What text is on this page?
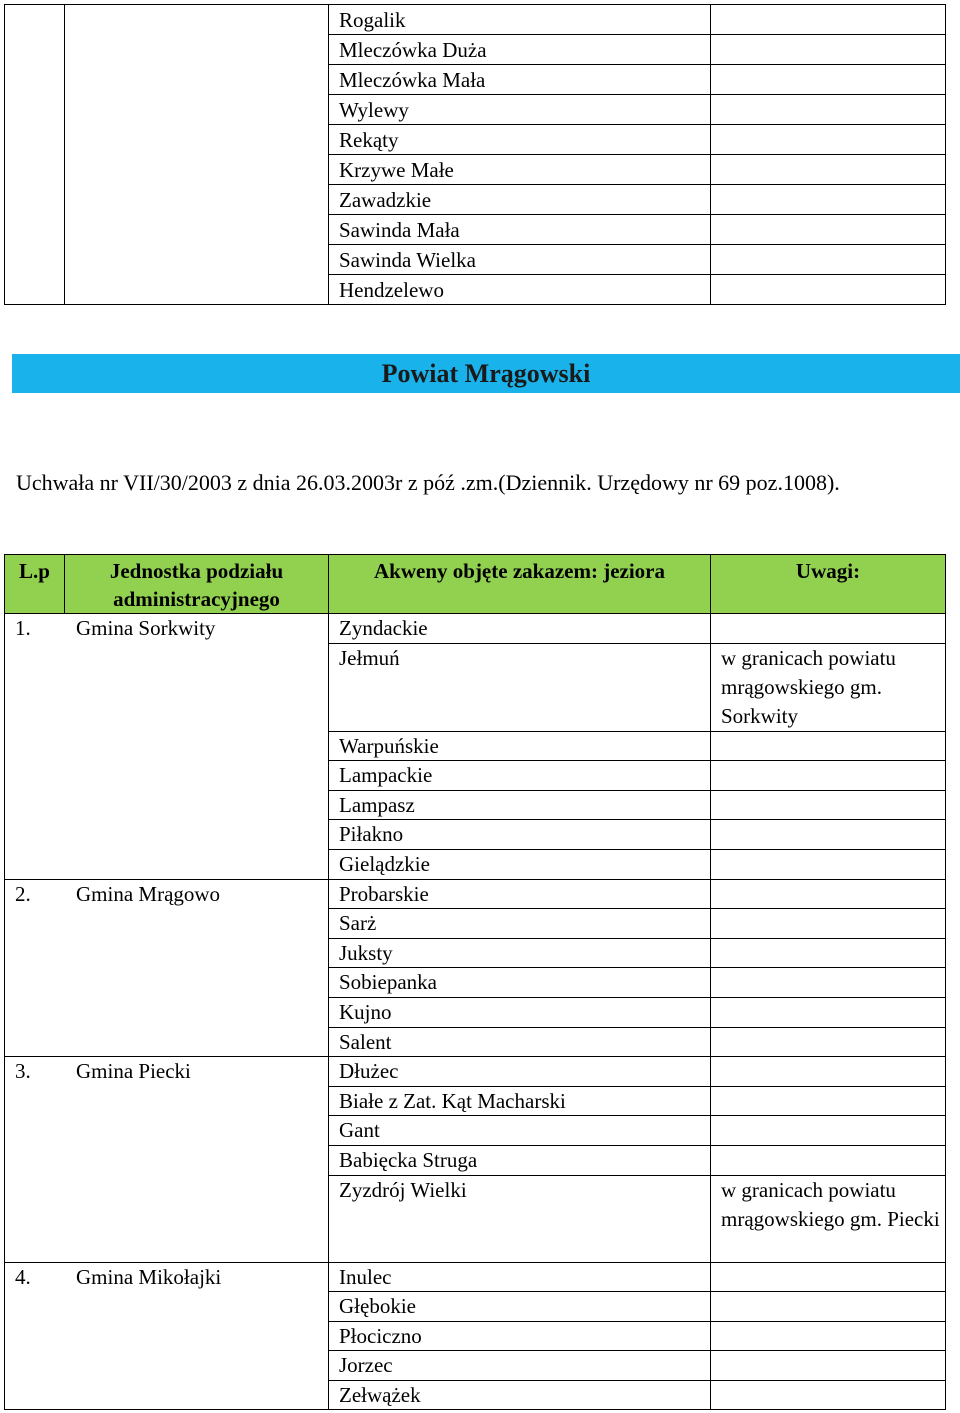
		Rogalik	
		Mleczówka Duża	
		Mleczówka Mała	
		Wylewy	
		Rekąty	
		Krzywe Małe	
		Zawadzkie	
		Sawinda Mała	
		Sawinda Wielka	
		Hendzelewo	
Powiat Mrągowski
Uchwała nr VII/30/2003 z dnia 26.03.2003r z póź .zm.(Dziennik. Urzędowy nr 69 poz.1008).
L.p	Jednostka podziału administracyjnego	Akweny objęte zakazem: jeziora	Uwagi:
1. Gmina Sorkwity		Zyndackie	
		Jełmuń	w granicach powiatu mrągowskiego gm. Sorkwity
		Warpuńskie	
		Lampackie	
		Lampasz	
		Piłakno	
		Gielądzkie	
2. Gmina Mrągowo		Probarskie	
		Sarż	
		Juksty	
		Sobiepanka	
		Kujno	
		Salent	
3. Gmina Piecki		Dłużec	
		Białe z Zat. Kąt Macharski	
		Gant	
		Babięcka Struga	
		Zyzdrój Wielki	w granicach powiatu mrągowskiego gm. Piecki
4. Gmina Mikołajki		Inulec	
		Głębokie	
		Płociczno	
		Jorzec	
		Zełwążek	
